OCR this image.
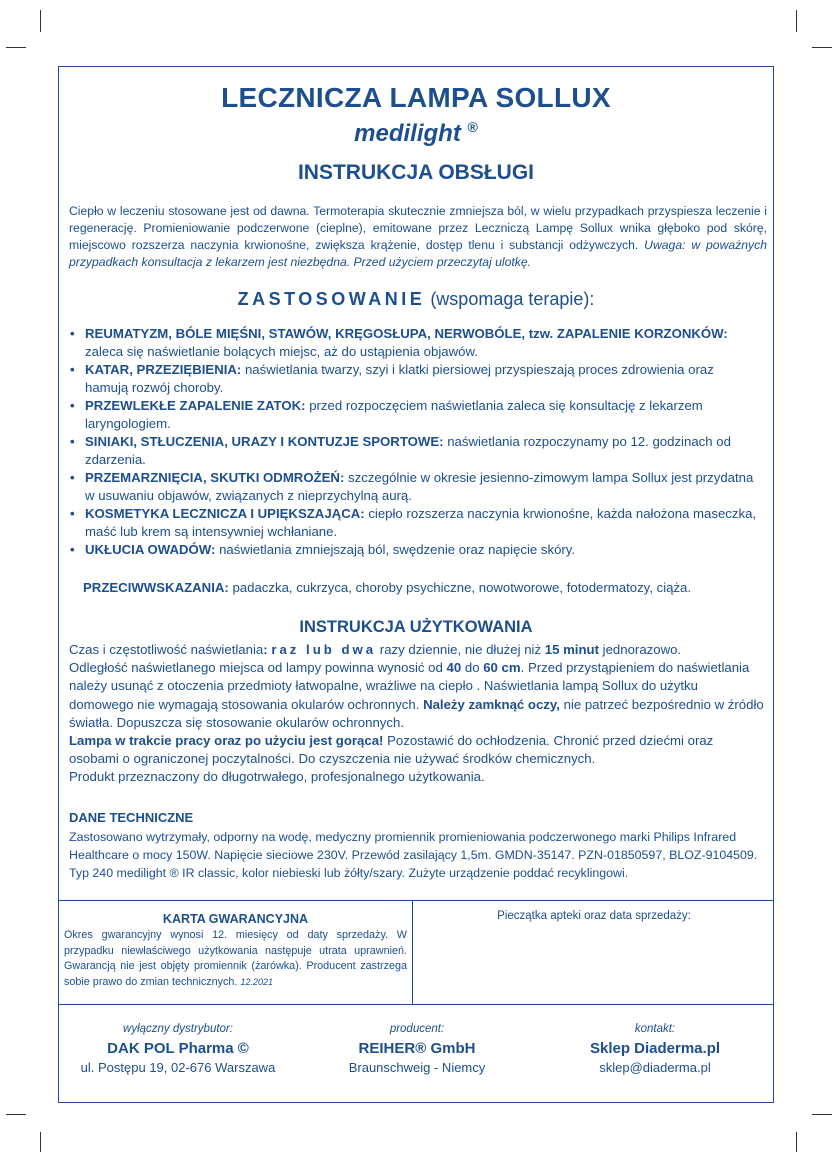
LECZNICZA LAMPA SOLLUX
medilight ®
INSTRUKCJA OBSŁUGI
Ciepło w leczeniu stosowane jest od dawna. Termoterapia skutecznie zmniejsza ból, w wielu przypadkach przyspiesza leczenie i regenerację. Promieniowanie podczerwone (cieplne), emitowane przez Leczniczą Lampę Sollux wnika głęboko pod skórę, miejscowo rozszerza naczynia krwionośne, zwiększa krążenie, dostęp tlenu i substancji odżywczych. Uwaga: w poważnych przypadkach konsultacja z lekarzem jest niezbędna. Przed użyciem przeczytaj ulotkę.
ZASTOSOWANIE (wspomaga terapie):
• REUMATYZM, BÓLE MIĘŚNI, STAWÓW, KRĘGOSŁUPA, NERWOBÓLE, tzw. ZAPALENIE KORZONKÓW: zaleca się naświetlanie bolących miejsc, aż do ustąpienia objawów.
• KATAR, PRZEZIĘBIENIA: naświetlania twarzy, szyi i klatki piersiowej przyspieszają proces zdrowienia oraz hamują rozwój choroby.
• PRZEWLEKŁE ZAPALENIE ZATOK: przed rozpoczęciem naświetlania zaleca się konsultację z lekarzem laryngologiem.
• SINIAKI, STŁUCZENIA, URAZY I KONTUZJE SPORTOWE: naświetlania rozpoczynamy po 12. godzinach od zdarzenia.
• PRZEMARZNIĘCIA, SKUTKI ODMROŻEŃ: szczególnie w okresie jesienno-zimowym lampa Sollux jest przydatna w usuwaniu objawów, związanych z nieprzychylną aurą.
• KOSMETYKA LECZNICZA I UPIĘKSZAJĄCA: ciepło rozszerza naczynia krwionośne, każda nałożona maseczka, maść lub krem są intensywniej wchłaniane.
• UKŁUCIA OWADÓW: naświetlania zmniejszają ból, swędzenie oraz napięcie skóry.
PRZECIWWSKAZANIA: padaczka, cukrzyca, choroby psychiczne, nowotworowe, fotodermatozy, ciąża.
INSTRUKCJA UŻYTKOWANIA
Czas i częstotliwość naświetlania: raz lub dwa razy dziennie, nie dłużej niż 15 minut jednorazowo.
Odległość naświetlanego miejsca od lampy powinna wynosić od 40 do 60 cm. Przed przystąpieniem do naświetlania należy usunąć z otoczenia przedmioty łatwopalne, wrażliwe na ciepło . Naświetlania lampą Sollux do użytku domowego nie wymagają stosowania okularów ochronnych. Należy zamknąć oczy, nie patrzeć bezpośrednio w źródło światła. Dopuszcza się stosowanie okularów ochronnych.
Lampa w trakcie pracy oraz po użyciu jest gorąca! Pozostawić do ochłodzenia. Chronić przed dziećmi oraz osobami o ograniczonej poczytalności. Do czyszczenia nie używać środków chemicznych.
Produkt przeznaczony do długotrwałego, profesjonalnego użytkowania.
DANE TECHNICZNE
Zastosowano wytrzymały, odporny na wodę, medyczny promiennik promieniowania podczerwonego marki Philips Infrared Healthcare o mocy 150W. Napięcie sieciowe 230V. Przewód zasilający 1,5m. GMDN-35147. PZN-01850597, BLOZ-9104509. Typ 240 medilight ® IR classic, kolor niebieski lub żółty/szary. Zużyte urządzenie poddać recyklingowi.
KARTA GWARANCYJNA
Okres gwarancyjny wynosi 12. miesięcy od daty sprzedaży. W przypadku niewłaściwego użytkowania następuje utrata uprawnień. Gwarancją nie jest objęty promiennik (żarówka). Producent zastrzega sobie prawo do zmian technicznych. 12.2021
Pieczątka apteki oraz data sprzedaży:
wyłączny dystrybutor:
DAK POL Pharma ©
ul. Postępu 19, 02-676 Warszawa
producent:
REIHER® GmbH
Braunschweig - Niemcy
kontakt:
Sklep Diaderma.pl
sklep@diaderma.pl
